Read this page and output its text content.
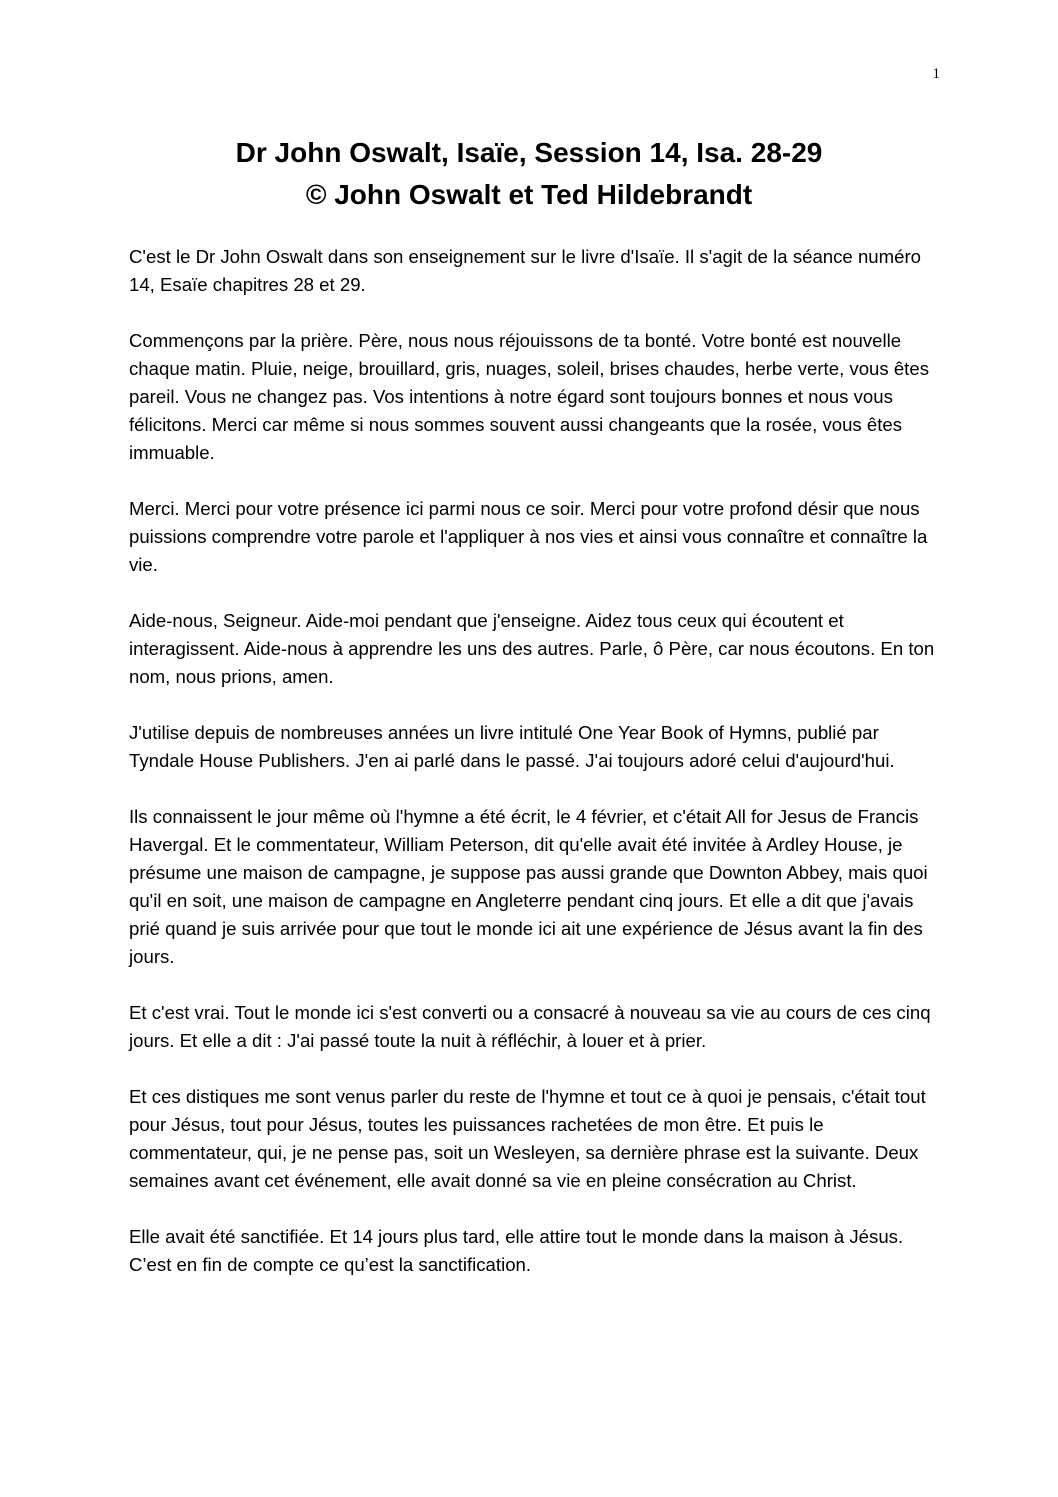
1
Dr John Oswalt, Isaïe, Session 14, Isa. 28-29
© John Oswalt et Ted Hildebrandt

C'est le Dr John Oswalt dans son enseignement sur le livre d'Isaïe. Il s'agit de la séance numéro 14, Esaïe chapitres 28 et 29.

Commençons par la prière. Père, nous nous réjouissons de ta bonté. Votre bonté est nouvelle chaque matin. Pluie, neige, brouillard, gris, nuages, soleil, brises chaudes, herbe verte, vous êtes pareil. Vous ne changez pas. Vos intentions à notre égard sont toujours bonnes et nous vous félicitons. Merci car même si nous sommes souvent aussi changeants que la rosée, vous êtes immuable.

Merci. Merci pour votre présence ici parmi nous ce soir. Merci pour votre profond désir que nous puissions comprendre votre parole et l'appliquer à nos vies et ainsi vous connaître et connaître la vie.

Aide-nous, Seigneur. Aide-moi pendant que j'enseigne. Aidez tous ceux qui écoutent et interagissent. Aide-nous à apprendre les uns des autres. Parle, ô Père, car nous écoutons. En ton nom, nous prions, amen.

J'utilise depuis de nombreuses années un livre intitulé One Year Book of Hymns, publié par Tyndale House Publishers. J'en ai parlé dans le passé. J'ai toujours adoré celui d'aujourd'hui.

Ils connaissent le jour même où l'hymne a été écrit, le 4 février, et c'était All for Jesus de Francis Havergal. Et le commentateur, William Peterson, dit qu'elle avait été invitée à Ardley House, je présume une maison de campagne, je suppose pas aussi grande que Downton Abbey, mais quoi qu'il en soit, une maison de campagne en Angleterre pendant cinq jours. Et elle a dit que j'avais prié quand je suis arrivée pour que tout le monde ici ait une expérience de Jésus avant la fin des jours.

Et c'est vrai. Tout le monde ici s'est converti ou a consacré à nouveau sa vie au cours de ces cinq jours. Et elle a dit : J'ai passé toute la nuit à réfléchir, à louer et à prier.

Et ces distiques me sont venus parler du reste de l'hymne et tout ce à quoi je pensais, c'était tout pour Jésus, tout pour Jésus, toutes les puissances rachetées de mon être. Et puis le commentateur, qui, je ne pense pas, soit un Wesleyen, sa dernière phrase est la suivante. Deux semaines avant cet événement, elle avait donné sa vie en pleine consécration au Christ.

Elle avait été sanctifiée. Et 14 jours plus tard, elle attire tout le monde dans la maison à Jésus. C’est en fin de compte ce qu’est la sanctification.
